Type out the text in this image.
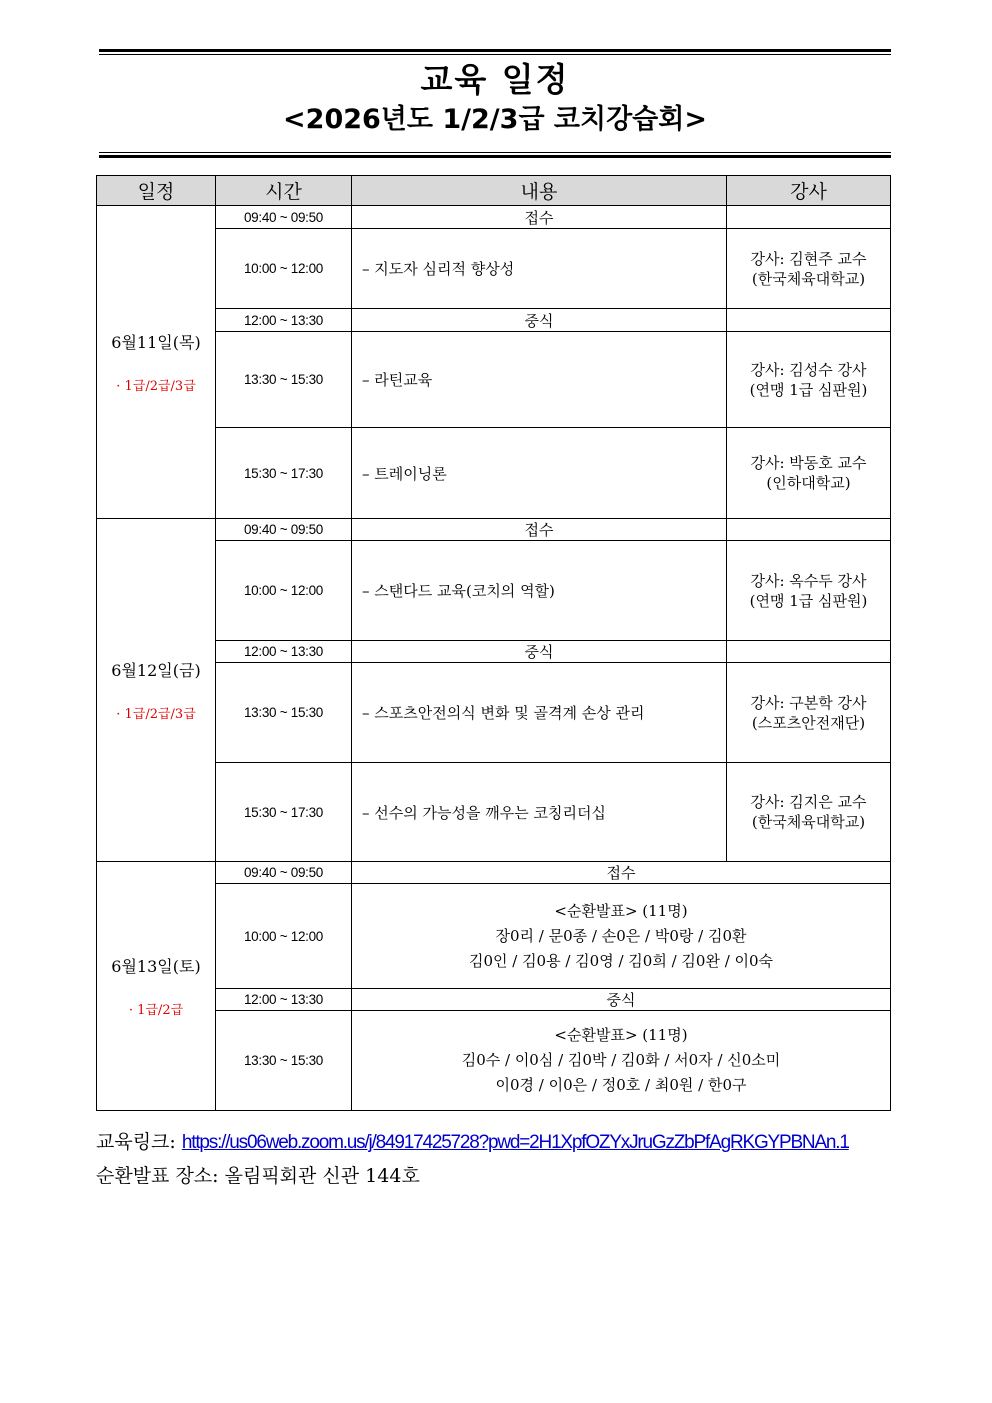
교육 일정
<2026년도 1/2/3급 코치강습회>
일정	시간	내용	강사

6월11일(목)
· 1급/2급/3급	09:40 ~ 09:50	접수	
	10:00 ~ 12:00	– 지도자 심리적 향상성	강사: 김현주 교수
(한국체육대학교)

	12:00 ~ 13:30	중식	
	13:30 ~ 15:30	– 라틴교육	강사: 김성수 강사
(연맹 1급 심판원)

	15:30 ~ 17:30	– 트레이닝론	강사: 박동호 교수
(인하대학교)

6월12일(금)
· 1급/2급/3급	09:40 ~ 09:50	접수	
	10:00 ~ 12:00	– 스탠다드 교육(코치의 역할)	강사: 옥수두 강사
(연맹 1급 심판원)

	12:00 ~ 13:30	중식	
	13:30 ~ 15:30	– 스포츠안전의식 변화 및 골격계 손상 관리	강사: 구본학 강사
(스포츠안전재단)

	15:30 ~ 17:30	– 선수의 가능성을 깨우는 코칭리더십	강사: 김지은 교수
(한국체육대학교)

6월13일(토)
· 1급/2급	09:40 ~ 09:50	접수	
	10:00 ~ 12:00	<순환발표> (11명)
장0리 / 문0종 / 손0은 / 박0랑 / 김0환
김0인 / 김0용 / 김0영 / 김0희 / 김0완 / 이0숙	

	12:00 ~ 13:30	중식	
	13:30 ~ 15:30	<순환발표> (11명)
김0수 / 이0심 / 김0박 / 김0화 / 서0자 / 신0소미
이0경 / 이0은 / 정0호 / 최0원 / 한0구	
교육링크: https://us06web.zoom.us/j/84917425728?pwd=2H1XpfOZYxJruGzZbPfAgRKGYPBNAn.1
순환발표 장소: 올림픽회관 신관 144호
